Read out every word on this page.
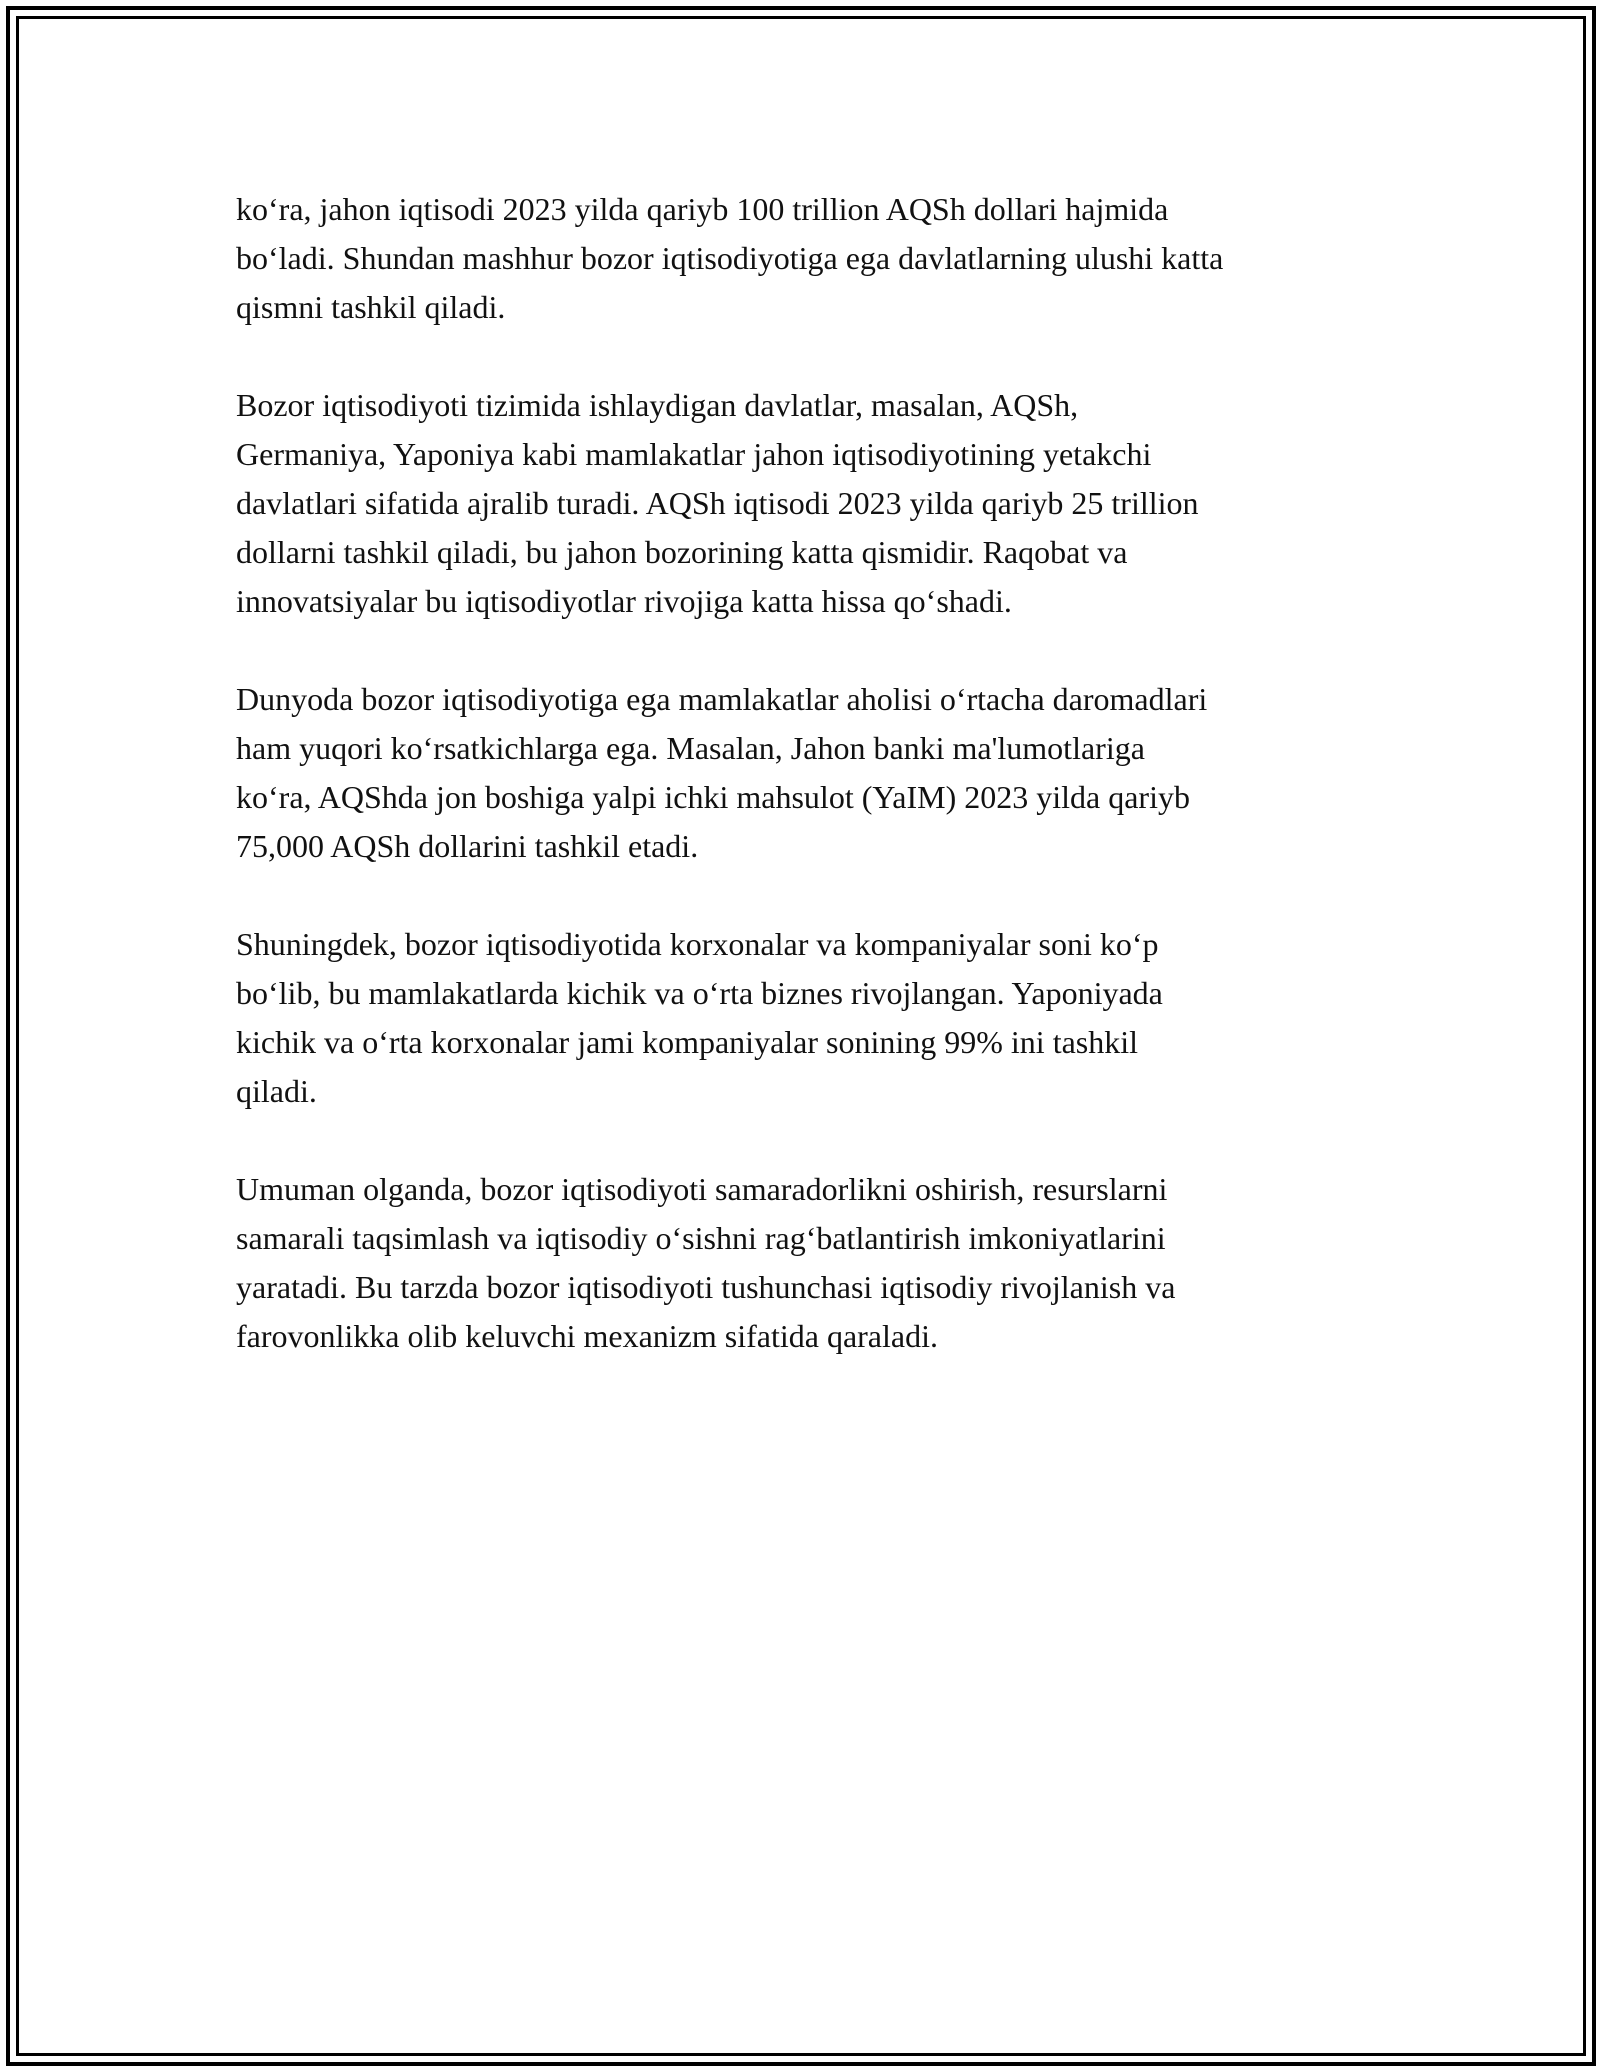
ko‘ra, jahon iqtisodi 2023 yilda qariyb 100 trillion AQSh dollari hajmida
bo‘ladi. Shundan mashhur bozor iqtisodiyotiga ega davlatlarning ulushi katta
qismni tashkil qiladi.

Bozor iqtisodiyoti tizimida ishlaydigan davlatlar, masalan, AQSh,
Germaniya, Yaponiya kabi mamlakatlar jahon iqtisodiyotining yetakchi
davlatlari sifatida ajralib turadi. AQSh iqtisodi 2023 yilda qariyb 25 trillion
dollarni tashkil qiladi, bu jahon bozorining katta qismidir. Raqobat va
innovatsiyalar bu iqtisodiyotlar rivojiga katta hissa qo‘shadi.

Dunyoda bozor iqtisodiyotiga ega mamlakatlar aholisi o‘rtacha daromadlari
ham yuqori ko‘rsatkichlarga ega. Masalan, Jahon banki ma'lumotlariga
ko‘ra, AQShda jon boshiga yalpi ichki mahsulot (YaIM) 2023 yilda qariyb
75,000 AQSh dollarini tashkil etadi.

Shuningdek, bozor iqtisodiyotida korxonalar va kompaniyalar soni ko‘p
bo‘lib, bu mamlakatlarda kichik va o‘rta biznes rivojlangan. Yaponiyada
kichik va o‘rta korxonalar jami kompaniyalar sonining 99% ini tashkil
qiladi.

Umuman olganda, bozor iqtisodiyoti samaradorlikni oshirish, resurslarni
samarali taqsimlash va iqtisodiy o‘sishni rag‘batlantirish imkoniyatlarini
yaratadi. Bu tarzda bozor iqtisodiyoti tushunchasi iqtisodiy rivojlanish va
farovonlikka olib keluvchi mexanizm sifatida qaraladi.
